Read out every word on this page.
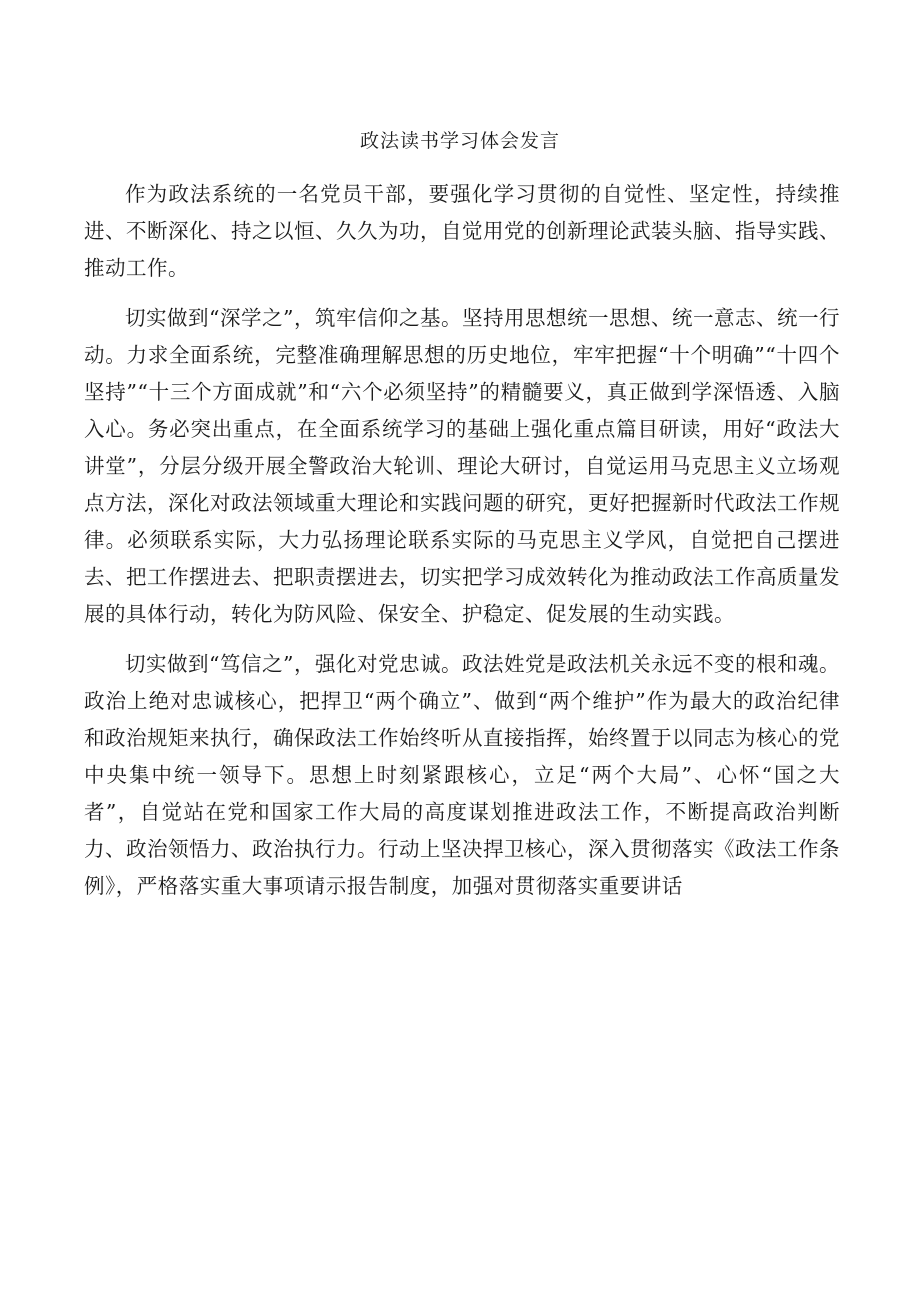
政法读书学习体会发言

作为政法系统的一名党员干部，要强化学习贯彻的自觉性、坚定性，持续推进、不断深化、持之以恒、久久为功，自觉用党的创新理论武装头脑、指导实践、推动工作。

切实做到“深学之”，筑牢信仰之基。坚持用思想统一思想、统一意志、统一行动。力求全面系统，完整准确理解思想的历史地位，牢牢把握“十个明确”“十四个坚持”“十三个方面成就”和“六个必须坚持”的精髓要义，真正做到学深悟透、入脑入心。务必突出重点，在全面系统学习的基础上强化重点篇目研读，用好“政法大讲堂”，分层分级开展全警政治大轮训、理论大研讨，自觉运用马克思主义立场观点方法，深化对政法领域重大理论和实践问题的研究，更好把握新时代政法工作规律。必须联系实际，大力弘扬理论联系实际的马克思主义学风，自觉把自己摆进去、把工作摆进去、把职责摆进去，切实把学习成效转化为推动政法工作高质量发展的具体行动，转化为防风险、保安全、护稳定、促发展的生动实践。

切实做到“笃信之”，强化对党忠诚。政法姓党是政法机关永远不变的根和魂。政治上绝对忠诚核心，把捍卫“两个确立”、做到“两个维护”作为最大的政治纪律和政治规矩来执行，确保政法工作始终听从直接指挥，始终置于以同志为核心的党中央集中统一领导下。思想上时刻紧跟核心，立足“两个大局”、心怀“国之大者”，自觉站在党和国家工作大局的高度谋划推进政法工作，不断提高政治判断力、政治领悟力、政治执行力。行动上坚决捍卫核心，深入贯彻落实《政法工作条例》，严格落实重大事项请示报告制度，加强对贯彻落实重要讲话
